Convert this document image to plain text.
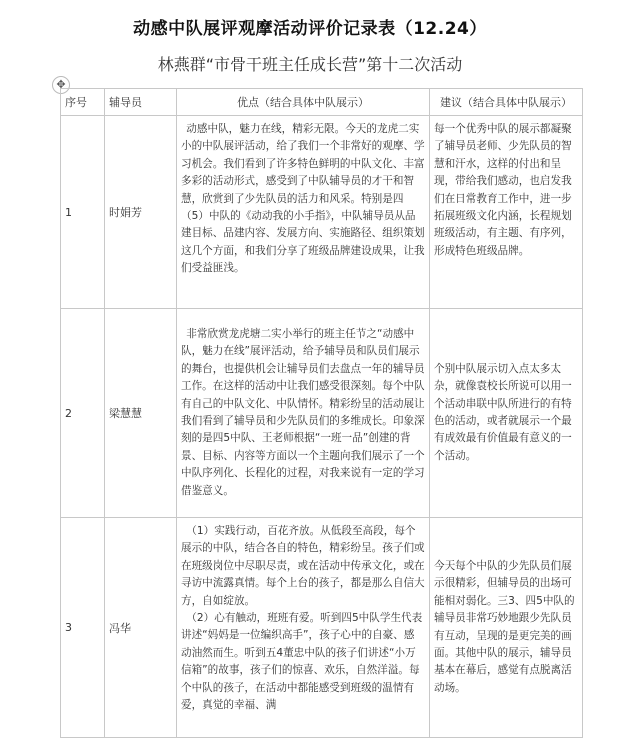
动感中队展评观摩活动评价记录表（12.24）
林燕群“市骨干班主任成长营”第十二次活动
✥
序号	辅导员	优点（结合具体中队展示）	建议（结合具体中队展示）
1	时娟芳	动感中队，魅力在线，精彩无限。今天的龙虎二实小的中队展评活动，给了我们一个非常好的观摩、学习机会。我们看到了许多特色鲜明的中队文化、丰富多彩的活动形式，感受到了中队辅导员的才干和智慧，欣赏到了少先队员的活力和风采。特别是四（5）中队的《动动我的小手指》，中队辅导员从品建目标、品建内容、发展方向、实施路径、组织策划这几个方面，和我们分享了班级品牌建设成果，让我们受益匪浅。	每一个优秀中队的展示都凝聚了辅导员老师、少先队员的智慧和汗水，这样的付出和呈现，带给我们感动，也启发我们在日常教育工作中，进一步拓展班级文化内涵，长程规划班级活动，有主题、有序列，形成特色班级品牌。

2	梁慧慧	非常欣赏龙虎塘二实小举行的班主任节之“动感中队，魅力在线”展评活动，给予辅导员和队员们展示的舞台，也提供机会让辅导员们去盘点一年的辅导员工作。在这样的活动中让我们感受很深刻。每个中队有自己的中队文化、中队情怀。精彩纷呈的活动展让我们看到了辅导员和少先队员们的多维成长。印象深刻的是四5中队、王老师根据“一班一品”创建的背景、目标、内容等方面以一个主题向我们展示了一个中队序列化、长程化的过程，对我来说有一定的学习借鉴意义。	个别中队展示切入点太多太杂，就像袁校长所说可以用一个活动串联中队所进行的有特色的活动，或者就展示一个最有成效最有价值最有意义的一个活动。

3	冯华	（1）实践行动，百花齐放。从低段至高段，每个展示的中队，结合各自的特色，精彩纷呈。孩子们或在班级岗位中尽职尽责，或在活动中传承文化，或在寻访中流露真情。每个上台的孩子，都是那么自信大方，自如绽放。

（2）心有触动，班班有爱。听到四5中队学生代表讲述“妈妈是一位编织高手”，孩子心中的自豪、感动油然而生。听到五4董忠中队的孩子们讲述“小万信箱”的故事，孩子们的惊喜、欢乐，自然洋溢。每个中队的孩子，在活动中都能感受到班级的温情有爱，真觉的幸福、满	今天每个中队的少先队员们展示很精彩，但辅导员的出场可能相对弱化。三3、四5中队的辅导员非常巧妙地跟少先队员有互动，呈现的是更完美的画面。其他中队的展示，辅导员基本在幕后，感觉有点脱离活动场。
